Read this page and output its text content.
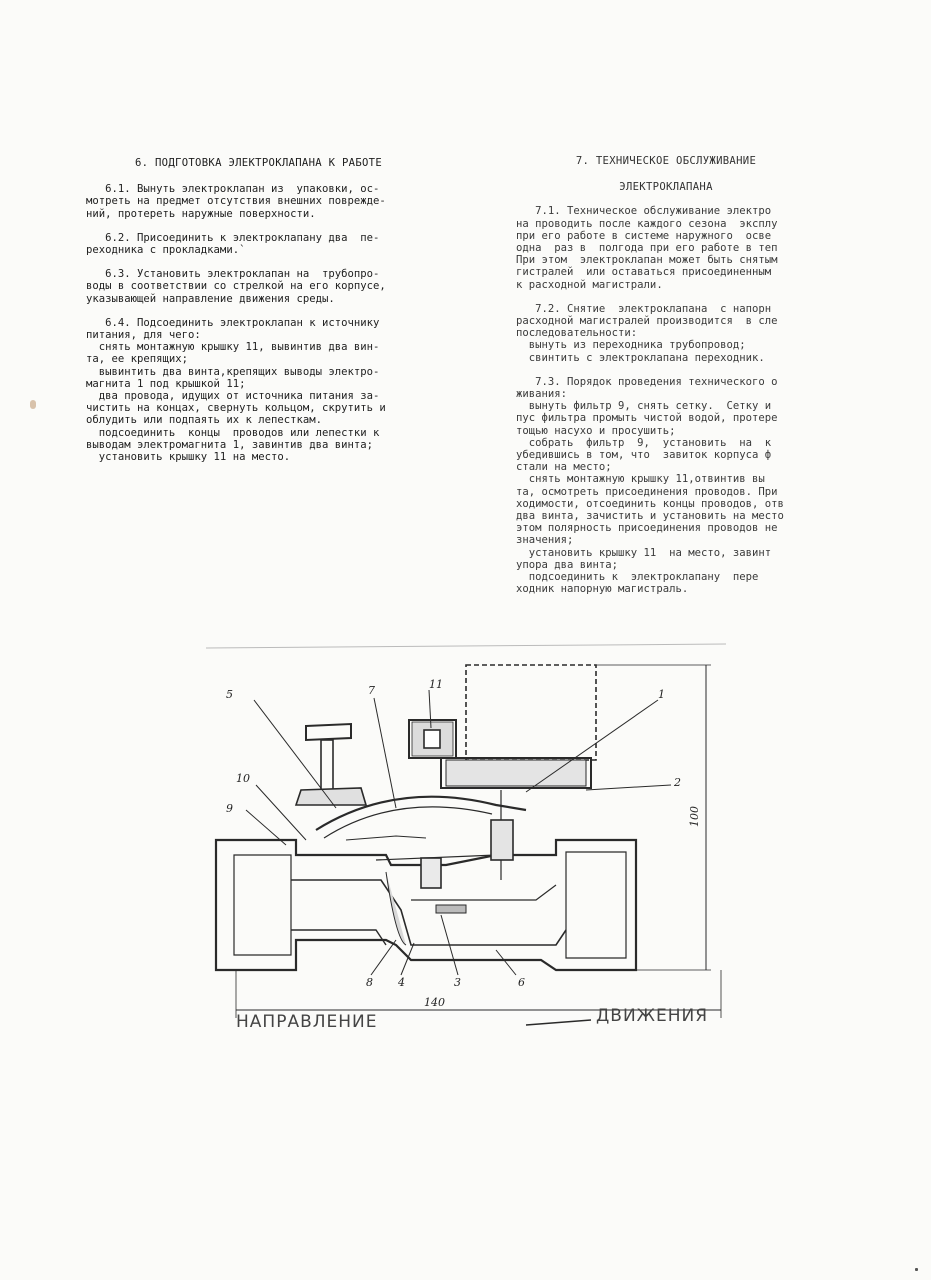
6. ПОДГОТОВКА ЭЛЕКТРОКЛАПАНА К РАБОТЕ
6.1. Вынуть электроклапан из  упаковки, ос-
мотреть на предмет отсутствия внешних поврежде-
ний, протереть наружные поверхности.
6.2. Присоединить к электроклапану два  пе-
реходника с прокладками.`
6.3. Установить электроклапан на  трубопро-
воды в соответствии со стрелкой на его корпусе,
указывающей направление движения среды.
6.4. Подсоединить электроклапан к источнику
питания, для чего:
снять монтажную крышку 11, вывинтив два вин-
та, ее крепящих;
вывинтить два винта,крепящих выводы электро-
магнита 1 под крышкой 11;
два провода, идущих от источника питания за-
чистить на концах, свернуть кольцом, скрутить и
облудить или подпаять их к лепесткам.
подсоединить  концы  проводов или лепестки к
выводам электромагнита 1, завинтив два винта;
установить крышку 11 на место.
7. ТЕХНИЧЕСКОЕ ОБСЛУЖИВАНИЕ
ЭЛЕКТРОКЛАПАНА
7.1. Техническое обслуживание электро
на проводить после каждого сезона  эксплу
при его работе в системе наружного  осве
одна  раз в  полгода при его работе в теп
При этом  электроклапан может быть снятым
гистралей  или оставаться присоединенным
к расходной магистрали.
7.2. Снятие  электроклапана  с напорн
расходной магистралей производится  в сле
последовательности:
вынуть из переходника трубопровод;
свинтить с электроклапана переходник.
7.3. Порядок проведения технического о
живания:
вынуть фильтр 9, снять сетку.  Сетку и
пус фильтра промыть чистой водой, протере
тощью насухо и просушить;
собрать  фильтр  9,  установить  на  к
убедившись в том, что  завиток корпуса ф
стали на место;
снять монтажную крышку 11,отвинтив вы
та, осмотреть присоединения проводов. При
ходимости, отсоединить концы проводов, отв
два винта, зачистить и установить на место
этом полярность присоединения проводов не
значения;
установить крышку 11  на место, завинт
упора два винта;
подсоединить к  электроклапану  пере
ходник напорную магистраль.
5	7	11
1
10
9
2
8 4	3	6
100
140
НАПРАВЛЕНИЕ	ДВИЖЕНИЯ
